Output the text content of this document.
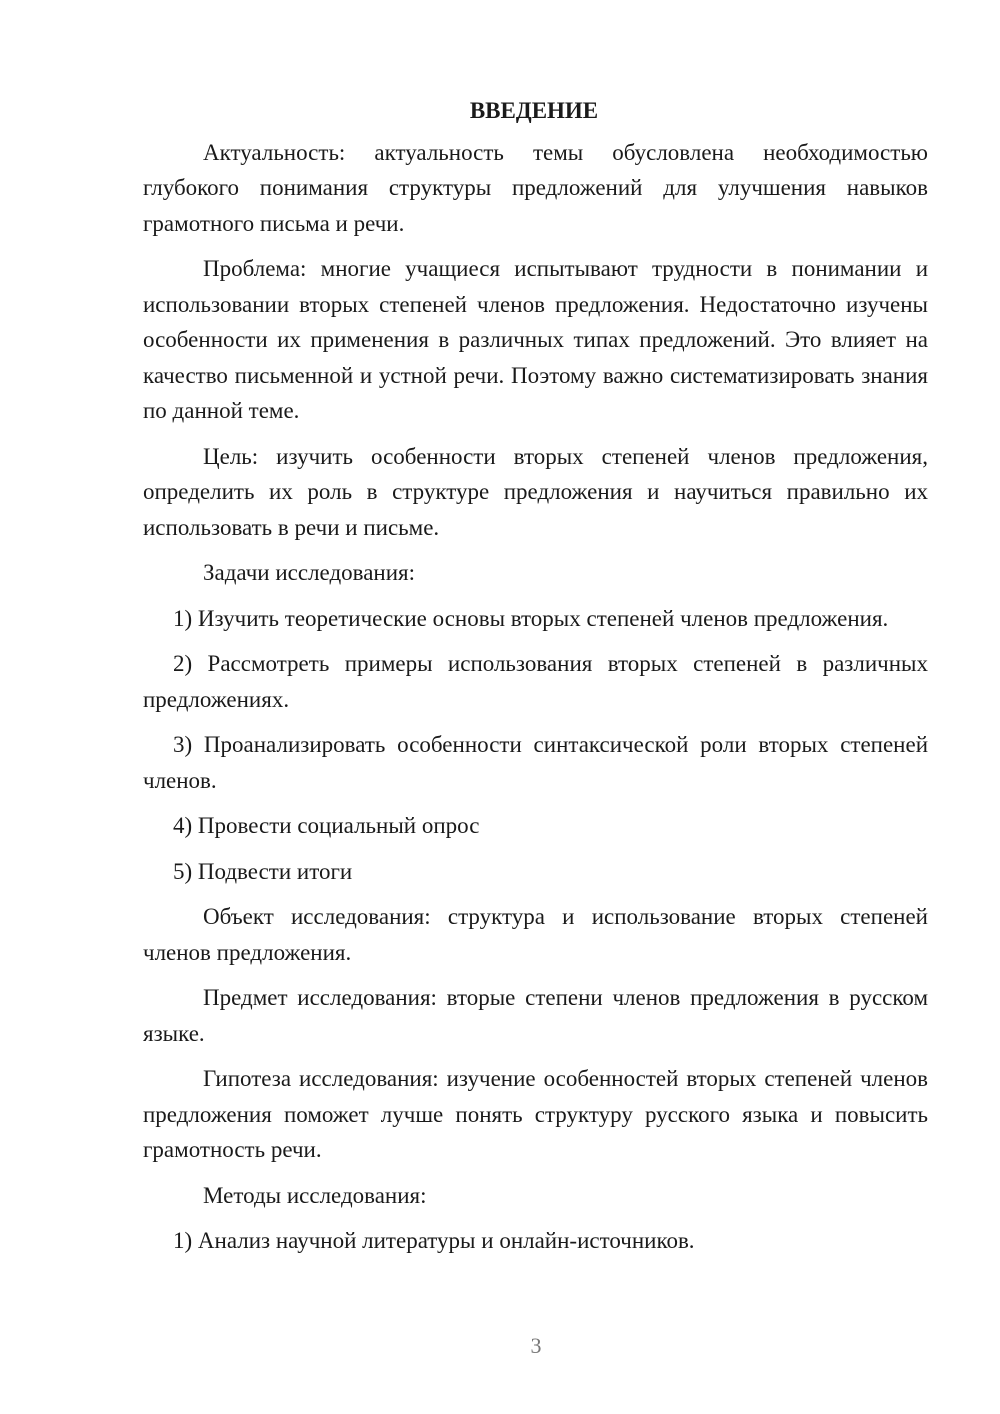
ВВЕДЕНИЕ

Актуальность: актуальность темы обусловлена необходимостью глубокого понимания структуры предложений для улучшения навыков грамотного письма и речи.

Проблема: многие учащиеся испытывают трудности в понимании и использовании вторых степеней членов предложения. Недостаточно изучены особенности их применения в различных типах предложений. Это влияет на качество письменной и устной речи. Поэтому важно систематизировать знания по данной теме.

Цель: изучить особенности вторых степеней членов предложения, определить их роль в структуре предложения и научиться правильно их использовать в речи и письме.

Задачи исследования:

1) Изучить теоретические основы вторых степеней членов предложения.

2) Рассмотреть примеры использования вторых степеней в различных предложениях.

3) Проанализировать особенности синтаксической роли вторых степеней членов.

4) Провести социальный опрос

5) Подвести итоги

Объект исследования: структура и использование вторых степеней членов предложения.

Предмет исследования: вторые степени членов предложения в русском языке.

Гипотеза исследования: изучение особенностей вторых степеней членов предложения поможет лучше понять структуру русского языка и повысить грамотность речи.

Методы исследования:

1) Анализ научной литературы и онлайн-источников.

3
